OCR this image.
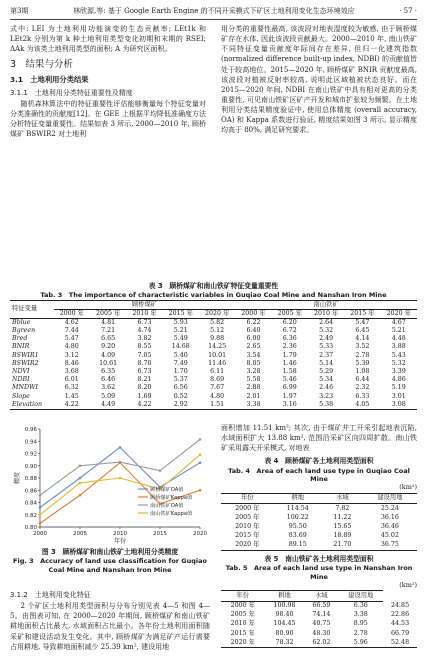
第3期	林欣源,等: 基于 Google Earth Engine 的不同开采模式下矿区土地利用变化生态环境效应	· 57 ·

式中: LEI 为土地利用功能演变的生态贡献率; LEt1k 和 LEt2k 分别为第 k 种土地利用类型变化初期和末期的 RSEI; ΔAk 为该类土地利用类型的面积; A 为研究区面积。

3　结果与分析
3.1　土地利用分类结果
3.1.1　土地利用分类特征重要性及精度

随机森林算法中的特征重要性评估能够衡量每个特征变量对分类准确性的贡献度[12]。在 GEE 上根据平均降低准确度方法分析特征变量重要性。结果如表 3 所示, 2000—2010 年, 顾桥煤矿 BSWIR2 对土地利

用分类的重要性最高, 该波段对地表湿度较为敏感, 由于顾桥煤矿存在水体, 因此该波段贡献最大。2000—2010 年, 南山铁矿不同特征变量贡献度年际间存在差异, 但归一化建筑指数 (normalized difference built-up index, NDBI) 的贡献值皆处于较高地位。2015—2020 年, 顾桥煤矿 BNIR 贡献度最高, 该波段对植被反射率较高, 说明此区域植被状态良好。而在 2015—2020 年间, NDBI 在南山铁矿中具有相对更高的分类重要性, 可见南山铁矿区矿产开发和城市扩张较为频繁。在土地利用分类结果精度验证中, 使用总体精度 (overall accuracy, OA) 和 Kappa 系数进行验证, 精度结果如图 3 所示, 显示精度均高于 80%, 满足研究要求。

表 3　顾桥煤矿和南山铁矿特征变量重要性
Tab. 3　The importance of characteristic variables in Guqiao Coal Mine and Nanshan Iron Mine
特征变量	顾桥煤矿					南山铁矿				
	2000 年	2005 年	2010 年	2015 年	2020 年	2000 年	2005 年	2010 年	2015 年	2020 年
Bblue	4.62	4.81	6.73	5.93	5.82	6.22	6.20	2.64	5.47	4.67
Bgreen	7.44	7.21	4.74	5.21	5.12	6.40	6.72	5.32	6.45	5.21
Bred	5.47	6.65	3.82	5.49	9.88	6.00	6.36	2.49	4.14	4.48
BNIR	4.80	9.20	8.55	14.68	14.25	2.65	2.36	5.33	3.52	3.88
BSWIR1	3.12	4.09	7.05	5.40	10.01	3.54	1.79	2.37	2.78	5.43
BSWIR2	8.46	10.61	8.70	7.49	11.46	8.05	1.46	5.14	5.39	5.32
NDVI	3.68	6.35	6.73	1.70	6.11	3.28	1.58	5.29	1.08	3.39
NDBI	6.01	6.46	8.21	5.37	8.69	5.58	5.46	5.34	6.44	4.86
MNDWI	6.32	3.62	8.20	6.56	7.67	2.88	6.99	2.46	2.32	5.19
Slope	1.45	5.09	1.69	0.52	4.80	2.01	1.97	3.23	6.33	3.01
Elevation	4.22	4.49	4.22	2.92	1.51	3.38	3.16	5.38	4.05	3.08
0.80
0.82
0.84
0.86
0.88
0.90
0.92
0.94
0.96
2000	2005	2010	2015	2020
年份
精度
顾桥煤矿OA值
顾桥煤矿Kappa值
南山铁矿OA值
南山铁矿Kappa值
图 3　顾桥煤矿和南山铁矿土地利用分类精度
Fig. 3　Accuracy of land use classification for Guqiao
Coal Mine and Nanshan Iron Mine
3.1.2　土地利用变化特征

2 个矿区土地利用类型面积与分布分别见表 4—5 和图 4—5。由图表可知, 在 2000—2020 年期间, 顾桥煤矿和南山铁矿耕地面积占比最大, 水域面积占比最小。各年份土地利用面积随采矿和建设活动发生变化。其中, 顾桥煤矿为满足矿产运行需要占用耕地, 导致耕地面积减少 25.39 km², 建设用地

面积增加 11.51 km²; 其次, 由于煤矿井工开采引起地表沉陷, 水域面积扩大 13.88 km², 范围沿采矿区向四周扩散。南山铁矿采用露天开采模式, 对地表

表 4　顾桥煤矿各土地利用类型面积
Tab. 4　Area of each land use type in Guqiao Coal Mine
(km²)
年份	耕地	水域	建设用地
2000 年	114.54	7.82	25.24
2005 年	100.22	11.22	36.16
2010 年	95.50	15.65	36.46
2015 年	83.69	18.89	45.02
2020 年	89.15	21.70	36.75
表 5　南山铁矿各土地利用类型面积
Tab. 5　Area of each land use type in Nanshan Iron Mine
(km²)
年份	耕地	水域	建设用地	
2000 年	100.98	66.59	6.36	24.85
2005 年	98.40	74.14	3.38	22.86
2010 年	104.45	40.75	8.95	44.53
2015 年	80.90	48.30	2.78	66.79
2020 年	78.32	62.02	5.96	52.48
